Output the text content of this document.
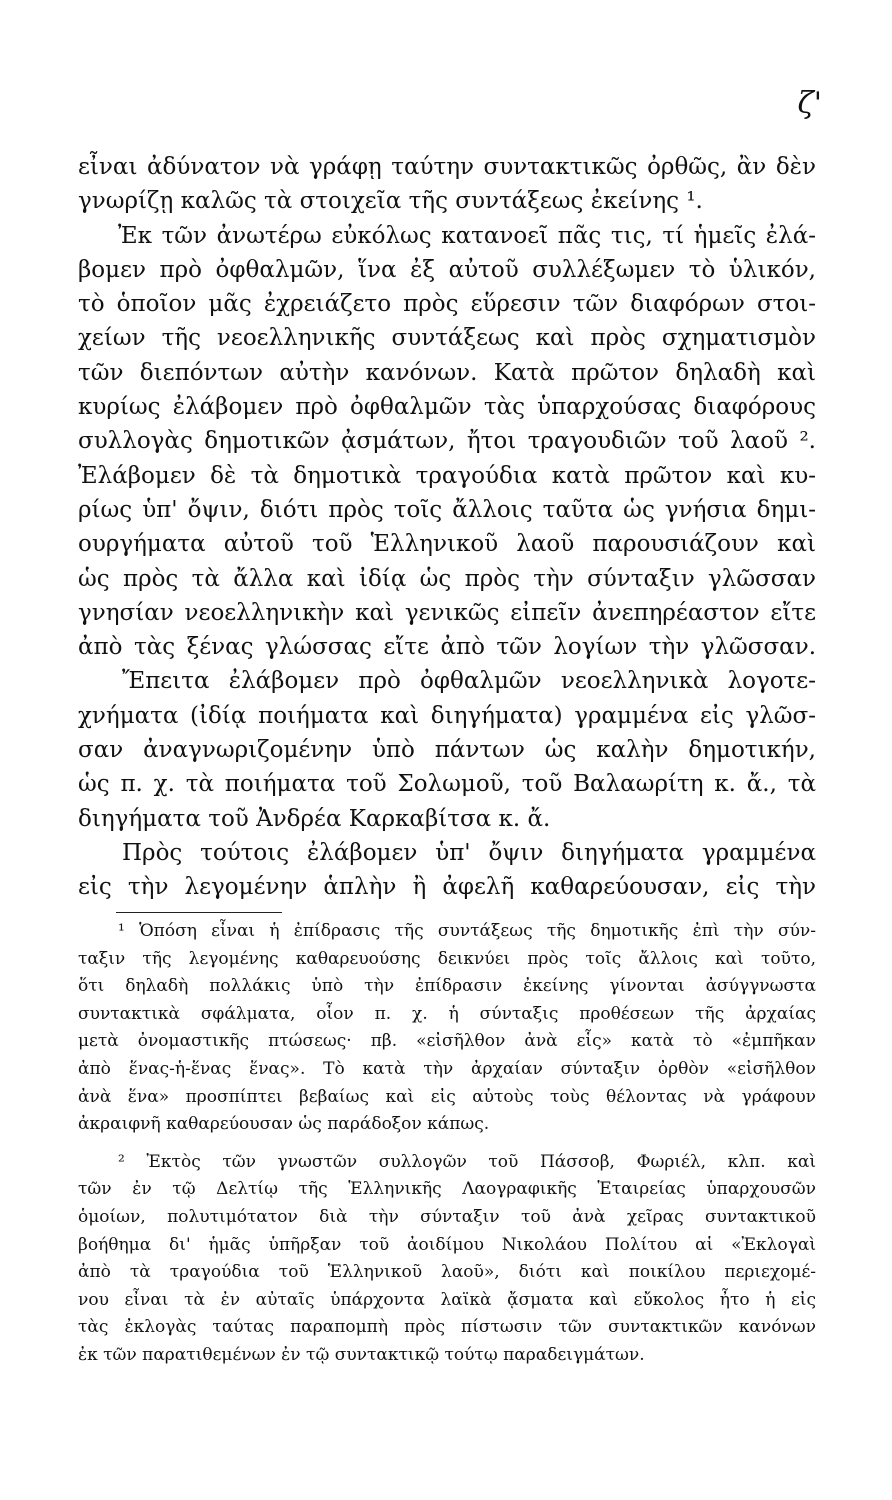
ζ'
εἶναι ἀδύνατον νὰ γράφῃ ταύτην συντακτικῶς ὀρθῶς, ἂν δὲν
γνωρίζῃ καλῶς τὰ στοιχεῖα τῆς συντάξεως ἐκείνης ¹.
Ἐκ τῶν ἀνωτέρω εὐκόλως κατανοεῖ πᾶς τις, τί ἡμεῖς ἐλά-
βομεν πρὸ ὀφθαλμῶν, ἵνα ἐξ αὐτοῦ συλλέξωμεν τὸ ὑλικόν,
τὸ ὁποῖον μᾶς ἐχρειάζετο πρὸς εὕρεσιν τῶν διαφόρων στοι-
χείων τῆς νεοελληνικῆς συντάξεως καὶ πρὸς σχηματισμὸν
τῶν διεπόντων αὐτὴν κανόνων. Κατὰ πρῶτον δηλαδὴ καὶ
κυρίως ἐλάβομεν πρὸ ὀφθαλμῶν τὰς ὑπαρχούσας διαφόρους
συλλογὰς δημοτικῶν ᾀσμάτων, ἤτοι τραγουδιῶν τοῦ λαοῦ ².
Ἐλάβομεν δὲ τὰ δημοτικὰ τραγούδια κατὰ πρῶτον καὶ κυ-
ρίως ὑπ' ὄψιν, διότι πρὸς τοῖς ἄλλοις ταῦτα ὡς γνήσια δημι-
ουργήματα αὐτοῦ τοῦ Ἑλληνικοῦ λαοῦ παρουσιάζουν καὶ
ὡς πρὸς τὰ ἄλλα καὶ ἰδίᾳ ὡς πρὸς τὴν σύνταξιν γλῶσσαν
γνησίαν νεοελληνικὴν καὶ γενικῶς εἰπεῖν ἀνεπηρέαστον εἴτε
ἀπὸ τὰς ξένας γλώσσας εἴτε ἀπὸ τῶν λογίων τὴν γλῶσσαν.
Ἔπειτα ἐλάβομεν πρὸ ὀφθαλμῶν νεοελληνικὰ λογοτε-
χνήματα (ἰδίᾳ ποιήματα καὶ διηγήματα) γραμμένα εἰς γλῶσ-
σαν ἀναγνωριζομένην ὑπὸ πάντων ὡς καλὴν δημοτικήν,
ὡς π. χ. τὰ ποιήματα τοῦ Σολωμοῦ, τοῦ Βαλαωρίτη κ. ἄ., τὰ
διηγήματα τοῦ Ἀνδρέα Καρκαβίτσα κ. ἄ.
Πρὸς τούτοις ἐλάβομεν ὑπ' ὄψιν διηγήματα γραμμένα
εἰς τὴν λεγομένην ἁπλὴν ἢ ἀφελῆ καθαρεύουσαν, εἰς τὴν
¹ Ὁπόση εἶναι ἡ ἐπίδρασις τῆς συντάξεως τῆς δημοτικῆς ἐπὶ τὴν σύν-
ταξιν τῆς λεγομένης καθαρευούσης δεικνύει πρὸς τοῖς ἄλλοις καὶ τοῦτο,
ὅτι δηλαδὴ πολλάκις ὑπὸ τὴν ἐπίδρασιν ἐκείνης γίνονται ἀσύγγνωστα
συντακτικὰ σφάλματα, οἷον π. χ. ἡ σύνταξις προθέσεων τῆς ἀρχαίας
μετὰ ὀνομαστικῆς πτώσεως· πβ. «εἰσῆλθον ἀνὰ εἷς» κατὰ τὸ «ἐμπῆκαν
ἀπὸ ἕνας-ἡ-ἕνας ἕνας». Τὸ κατὰ τὴν ἀρχαίαν σύνταξιν ὀρθὸν «εἰσῆλθον
ἀνὰ ἕνα» προσπίπτει βεβαίως καὶ εἰς αὐτοὺς τοὺς θέλοντας νὰ γράφουν
ἀκραιφνῆ καθαρεύουσαν ὡς παράδοξον κάπως.
² Ἐκτὸς τῶν γνωστῶν συλλογῶν τοῦ Πάσσοβ, Φωριέλ, κλπ. καὶ
τῶν ἐν τῷ Δελτίῳ τῆς Ἑλληνικῆς Λαογραφικῆς Ἑταιρείας ὑπαρχουσῶν
ὁμοίων, πολυτιμότατον διὰ τὴν σύνταξιν τοῦ ἀνὰ χεῖρας συντακτικοῦ
βοήθημα δι' ἡμᾶς ὑπῆρξαν τοῦ ἀοιδίμου Νικολάου Πολίτου αἱ «Ἐκλογαὶ
ἀπὸ τὰ τραγούδια τοῦ Ἑλληνικοῦ λαοῦ», διότι καὶ ποικίλου περιεχομέ-
νου εἶναι τὰ ἐν αὐταῖς ὑπάρχοντα λαϊκὰ ᾄσματα καὶ εὔκολος ἦτο ἡ εἰς
τὰς ἐκλογὰς ταύτας παραπομπὴ πρὸς πίστωσιν τῶν συντακτικῶν κανόνων
ἐκ τῶν παρατιθεμένων ἐν τῷ συντακτικῷ τούτῳ παραδειγμάτων.
